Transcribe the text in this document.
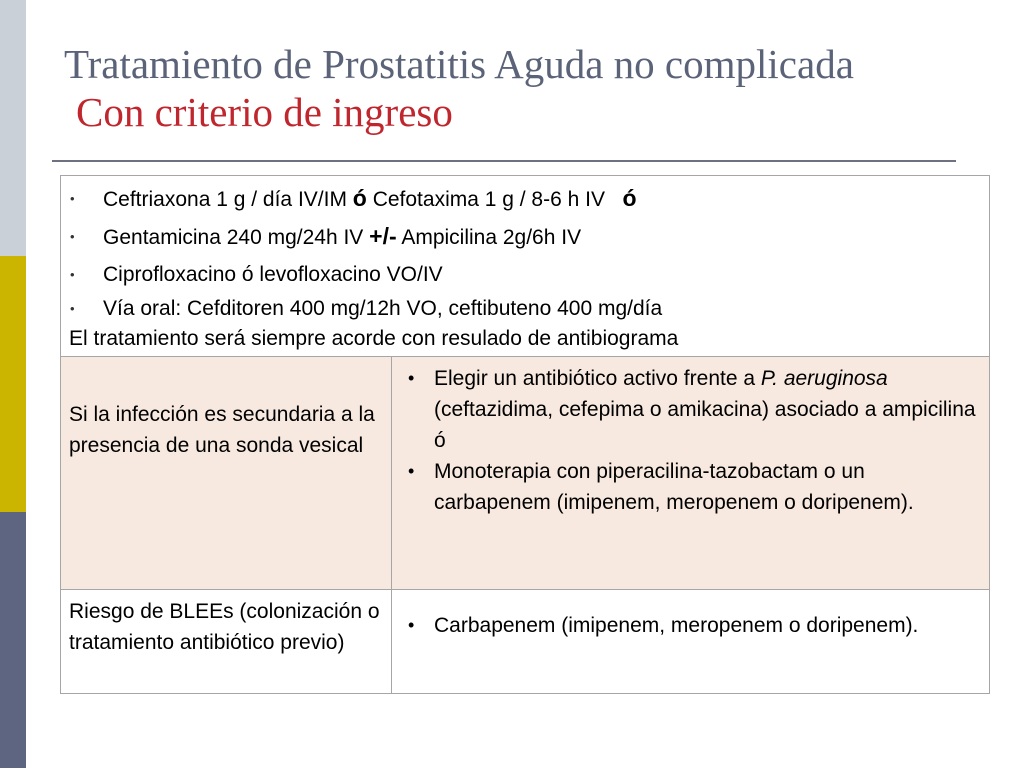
Tratamiento de Prostatitis Aguda no complicada
Con criterio de ingreso
• Ceftriaxona 1 g / día IV/IM ó Cefotaxima 1 g / 8-6 h IV   ó
• Gentamicina 240 mg/24h IV +/- Ampicilina 2g/6h IV
• Ciprofloxacino ó levofloxacino VO/IV
• Vía oral: Cefditoren 400 mg/12h VO, ceftibuteno 400 mg/día
El tratamiento será siempre acorde con resulado de antibiograma

Si la infección es secundaria a la presencia de una sonda vesical	• Elegir un antibiótico activo frente a P. aeruginosa (ceftazidima, cefepima o amikacina) asociado a ampicilina ó
• Monoterapia con piperacilina-tazobactam o un carbapenem (imipenem, meropenem o doripenem).

Riesgo de BLEEs (colonización o tratamiento antibiótico previo)	• Carbapenem (imipenem, meropenem o doripenem).
